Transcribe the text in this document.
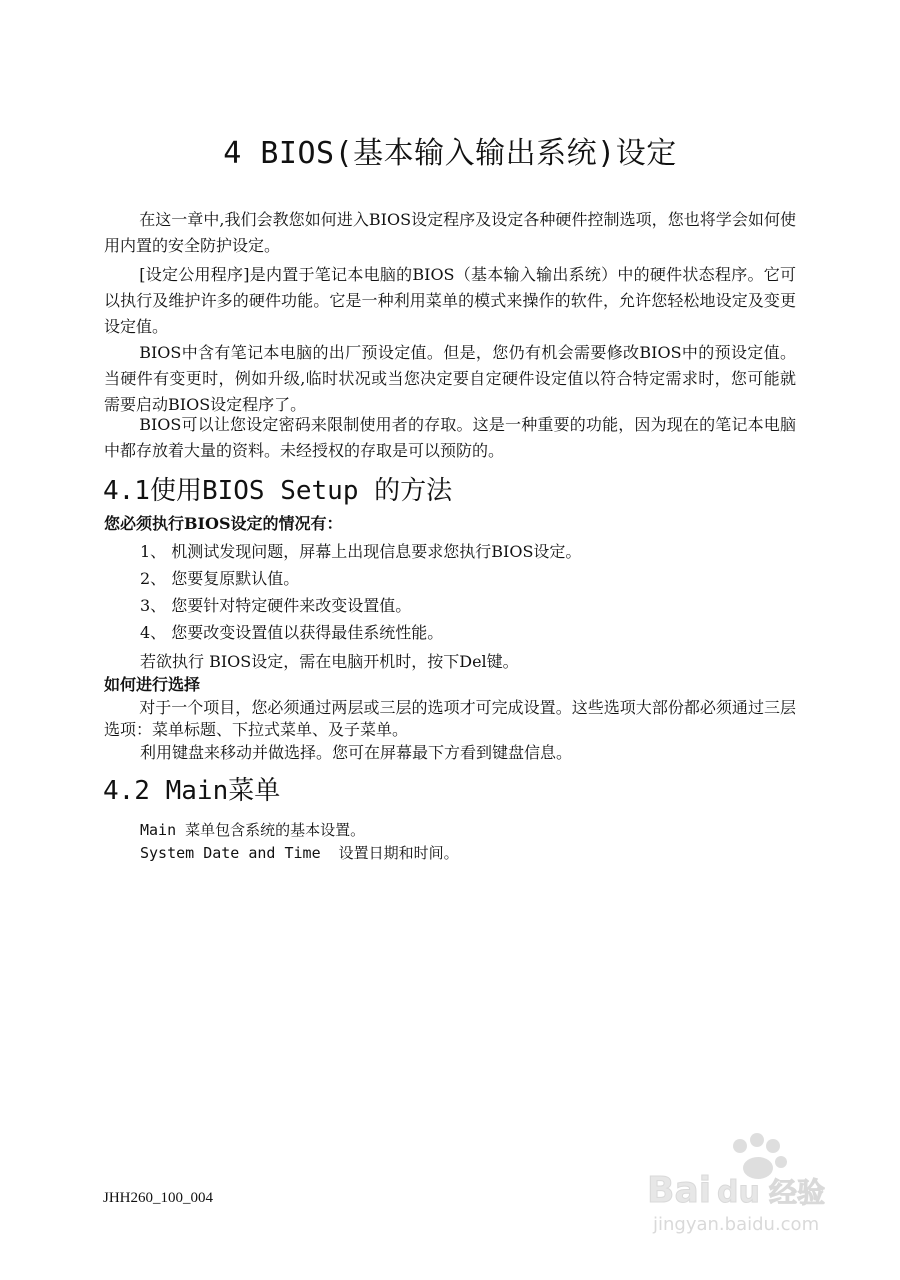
4 BIOS(基本输入输出系统)设定

在这一章中,我们会教您如何进入BIOS设定程序及设定各种硬件控制选项，您也将学会如何使用内置的安全防护设定。

[设定公用程序]是内置于笔记本电脑的BIOS（基本输入输出系统）中的硬件状态程序。它可以执行及维护许多的硬件功能。它是一种利用菜单的模式来操作的软件，允许您轻松地设定及变更设定值。

BIOS中含有笔记本电脑的出厂预设定值。但是，您仍有机会需要修改BIOS中的预设定值。当硬件有变更时，例如升级,临时状况或当您决定要自定硬件设定值以符合特定需求时，您可能就需要启动BIOS设定程序了。

BIOS可以让您设定密码来限制使用者的存取。这是一种重要的功能，因为现在的笔记本电脑中都存放着大量的资料。未经授权的存取是可以预防的。

4.1使用BIOS Setup 的方法
您必须执行BIOS设定的情况有：

1、 机测试发现问题，屏幕上出现信息要求您执行BIOS设定。

2、 您要复原默认值。

3、 您要针对特定硬件来改变设置值。

4、 您要改变设置值以获得最佳系统性能。

若欲执行 BIOS设定，需在电脑开机时，按下Del键。

如何进行选择

对于一个项目，您必须通过两层或三层的选项才可完成设置。这些选项大部份都必须通过三层选项：菜单标题、下拉式菜单、及子菜单。

利用键盘来移动并做选择。您可在屏幕最下方看到键盘信息。

4.2 Main菜单

Main 菜单包含系统的基本设置。

System Date and Time  设置日期和时间。

JHH260_100_004	Bai du 经验
jingyan.baidu.com
